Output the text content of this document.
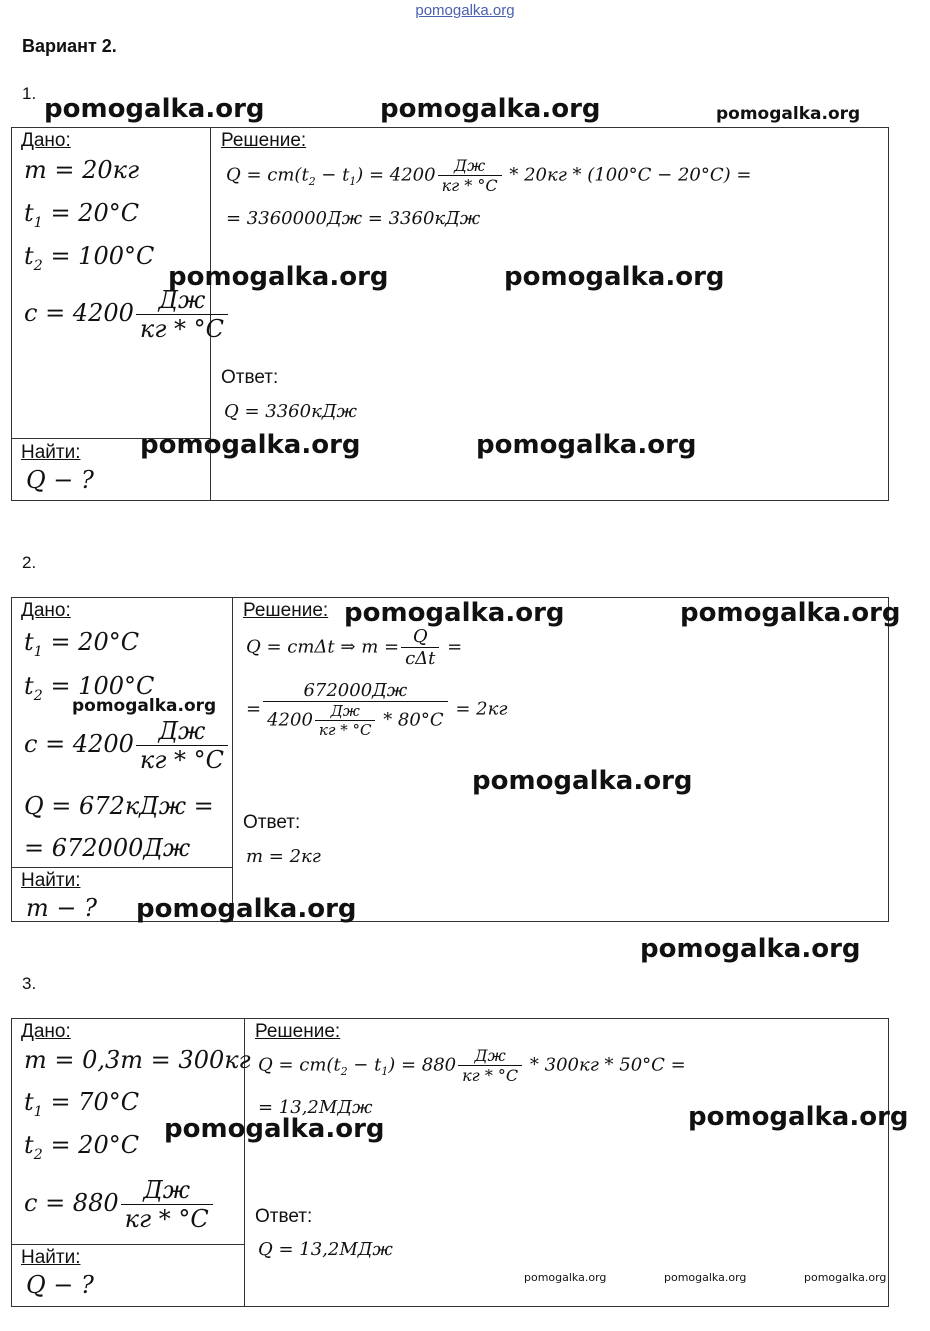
pomogalka.org
Вариант 2.
1.
Дано:
m = 20кг
$t_1 = 20^\circ C$
$t_2 = 100^\circ C$
$c = 4200 \frac{Дж}{кг * ^\circ C}$
Найти:
Q − ?
Решение:
$Q = cm(t_2 - t_1) = 4200 \frac{Дж}{кг * ^\circ C} * 20кг * (100^\circ C - 20^\circ C)$ =
= 3360000Дж = 3360кДж
Ответ:
Q = 3360кДж
2.
Дано:
$t_1 = 20^\circ C$
$t_2 = 100^\circ C$
$c = 4200 \frac{Дж}{кг * ^\circ C}$
Q = 672кДж =
= 672000Дж
Найти:
m − ?
Решение:
Q = cmΔt ⇒ $m = \frac{Q}{\text{cΔt}}$ =
= $\frac{672000Дж}{4200 \frac{Дж}{кг * ^\circ C} * 80^\circ C} = 2кг$
Ответ:
m = 2кг
3.
Дано:
m = 0,3т = 300кг
$t_1 = 70^\circ C$
$t_2 = 20^\circ C$
$c = 880 \frac{Дж}{кг * ^\circ C}$
Найти:
Q − ?
Решение:
$Q = cm(t_2 - t_1) = 880 \frac{Дж}{кг * ^\circ C} * 300кг * 50^\circ C$ =
= 13,2МДж
Ответ:
Q = 13,2МДж
pomogalka.org	pomogalka.org	pomogalka.org
pomogalka.org	pomogalka.org
pomogalka.org	pomogalka.org
pomogalka.org	pomogalka.org
pomogalka.org
pomogalka.org
pomogalka.org
pomogalka.org
pomogalka.org	pomogalka.org
pomogalka.org	pomogalka.org	pomogalka.org
